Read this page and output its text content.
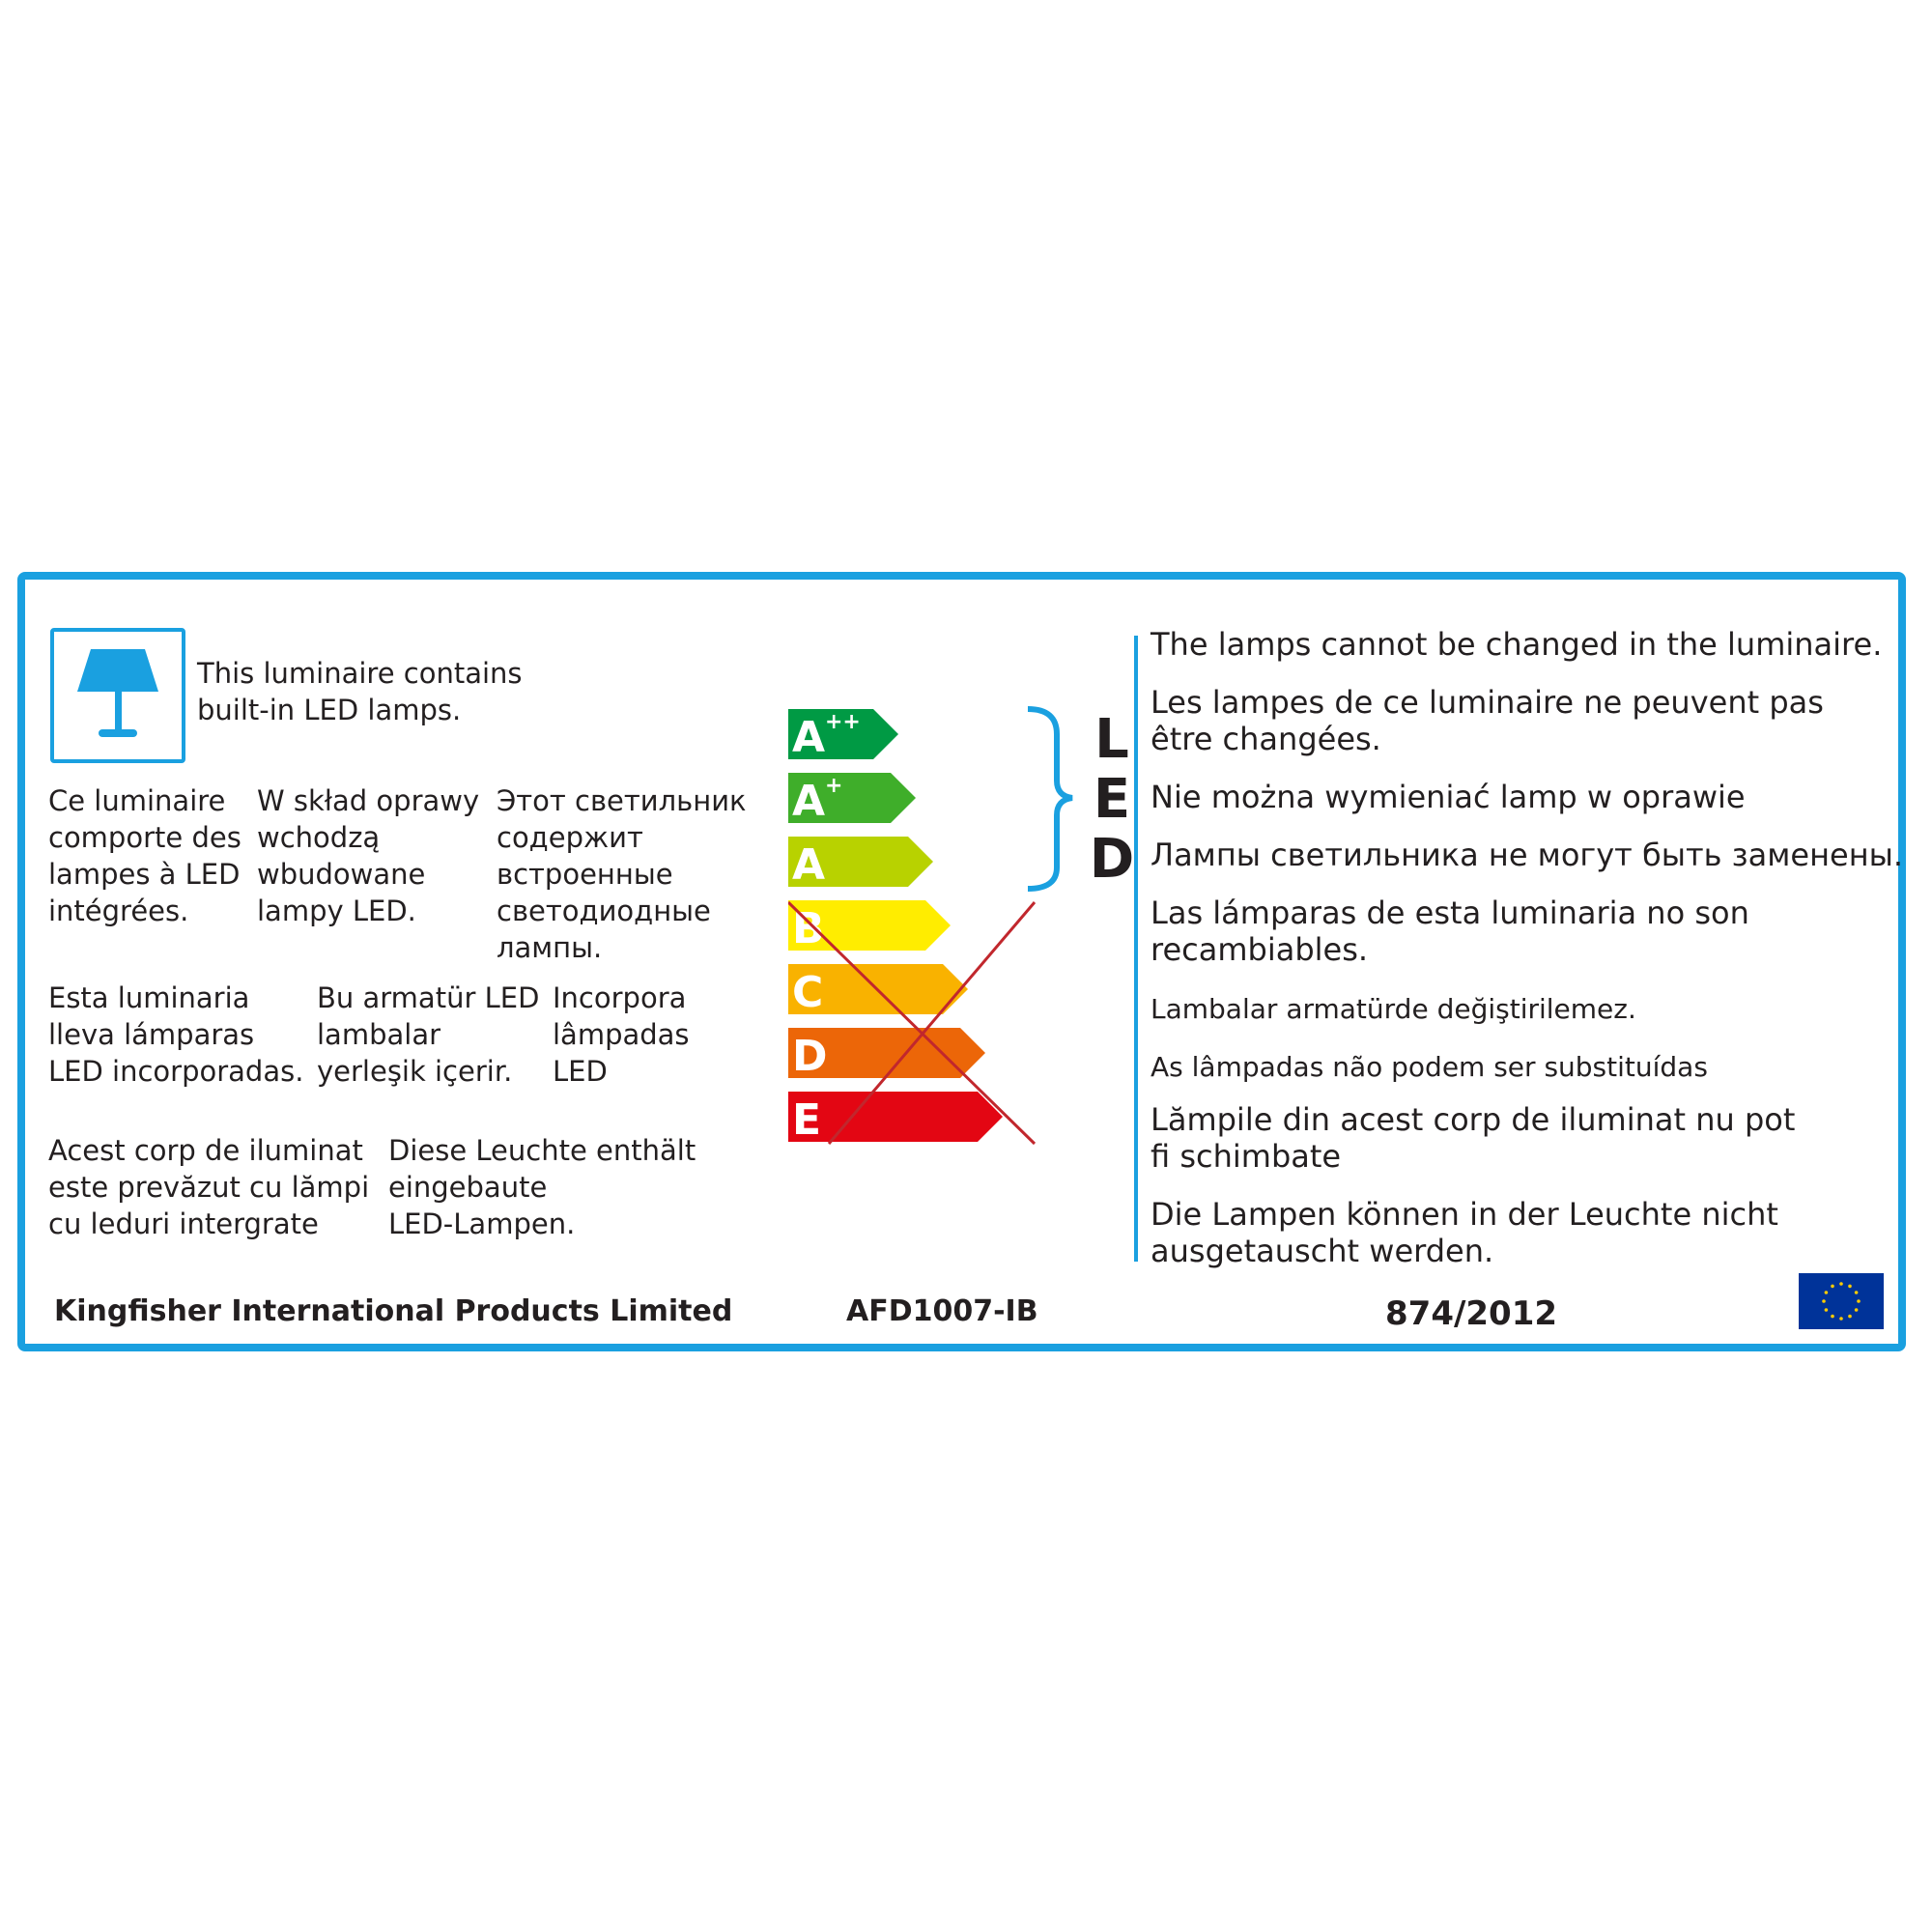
This luminaire contains
built-in LED lamps.
Ce luminaire
comporte des
lampes à LED
intégrées.
W skład oprawy
wchodzą
wbudowane
lampy LED.
Этот светильник
содержит
встроенные
светодиодные
лампы.
Esta luminaria
lleva lámparas
LED incorporadas.
Bu armatür LED
lambalar
yerleşik içerir.
Incorpora
lâmpadas
LED
Acest corp de iluminat
este prevăzut cu lămpi
cu leduri intergrate
Diese Leuchte enthält
eingebaute
LED-Lampen.
A ++
A +
A
B
C
D
E
L
E
D
The lamps cannot be changed in the luminaire.
Les lampes de ce luminaire ne peuvent pas
être changées.
Nie można wymieniać lamp w oprawie
Лампы светильника не могут быть заменены.
Las lámparas de esta luminaria no son
recambiables.
Lambalar armatürde değiştirilemez.
As lâmpadas não podem ser substituídas
Lămpile din acest corp de iluminat nu pot
fi schimbate
Die Lampen können in der Leuchte nicht
ausgetauscht werden.
Kingfisher International Products Limited	AFD1007-IB	874/2012
